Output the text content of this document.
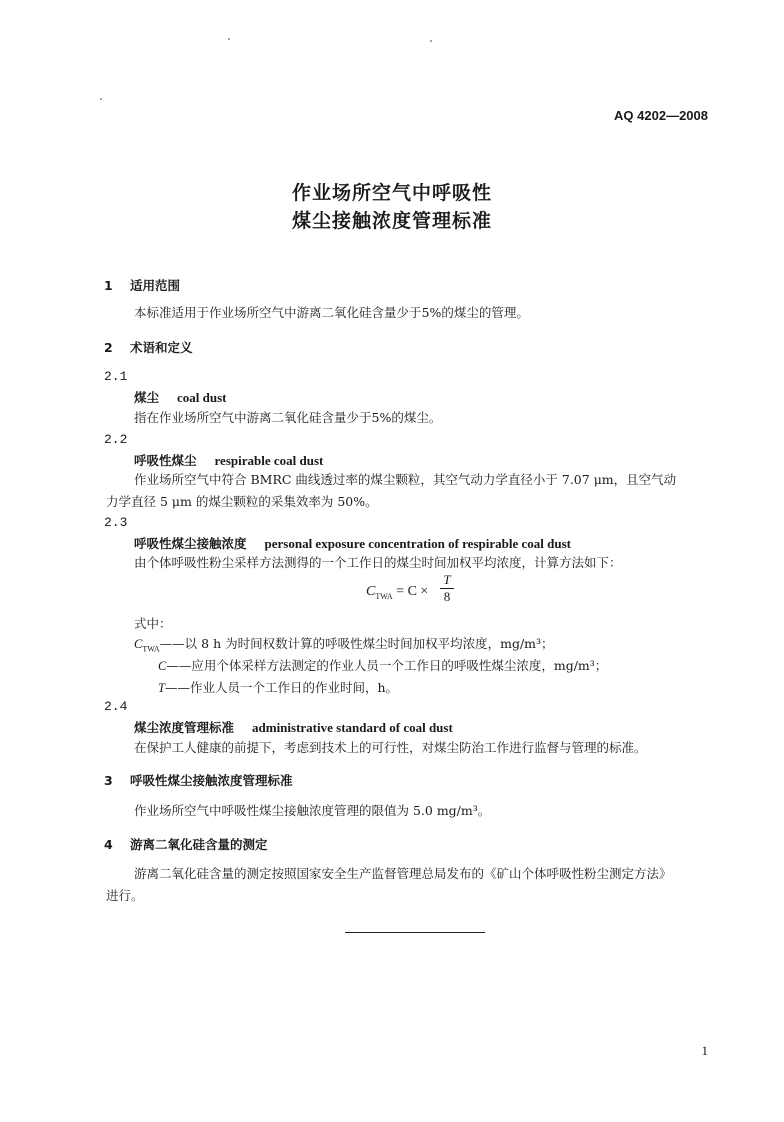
AQ 4202—2008
作业场所空气中呼吸性
煤尘接触浓度管理标准
1 适用范围
本标准适用于作业场所空气中游离二氧化硅含量少于5%的煤尘的管理。
2 术语和定义
2.1
煤尘 coal dust
指在作业场所空气中游离二氧化硅含量少于5%的煤尘。
2.2
呼吸性煤尘 respirable coal dust
作业场所空气中符合 BMRC 曲线透过率的煤尘颗粒，其空气动力学直径小于 7.07 μm，且空气动
力学直径 5 μm 的煤尘颗粒的采集效率为 50%。
2.3
呼吸性煤尘接触浓度 personal exposure concentration of respirable coal dust
由个体呼吸性粉尘采样方法测得的一个工作日的煤尘时间加权平均浓度，计算方法如下：
$C_{TWA} = C \times \frac{T}{8}$
式中：
$C_{TWA}——$以 8 h 为时间权数计算的呼吸性煤尘时间加权平均浓度，mg/m³；
C——应用个体采样方法测定的作业人员一个工作日的呼吸性煤尘浓度，mg/m³；
T——作业人员一个工作日的作业时间，h。
2.4
煤尘浓度管理标准 administrative standard of coal dust
在保护工人健康的前提下，考虑到技术上的可行性，对煤尘防治工作进行监督与管理的标准。
3 呼吸性煤尘接触浓度管理标准
作业场所空气中呼吸性煤尘接触浓度管理的限值为 5.0 mg/m³。
4 游离二氧化硅含量的测定
游离二氧化硅含量的测定按照国家安全生产监督管理总局发布的《矿山个体呼吸性粉尘测定方法》
进行。
1
